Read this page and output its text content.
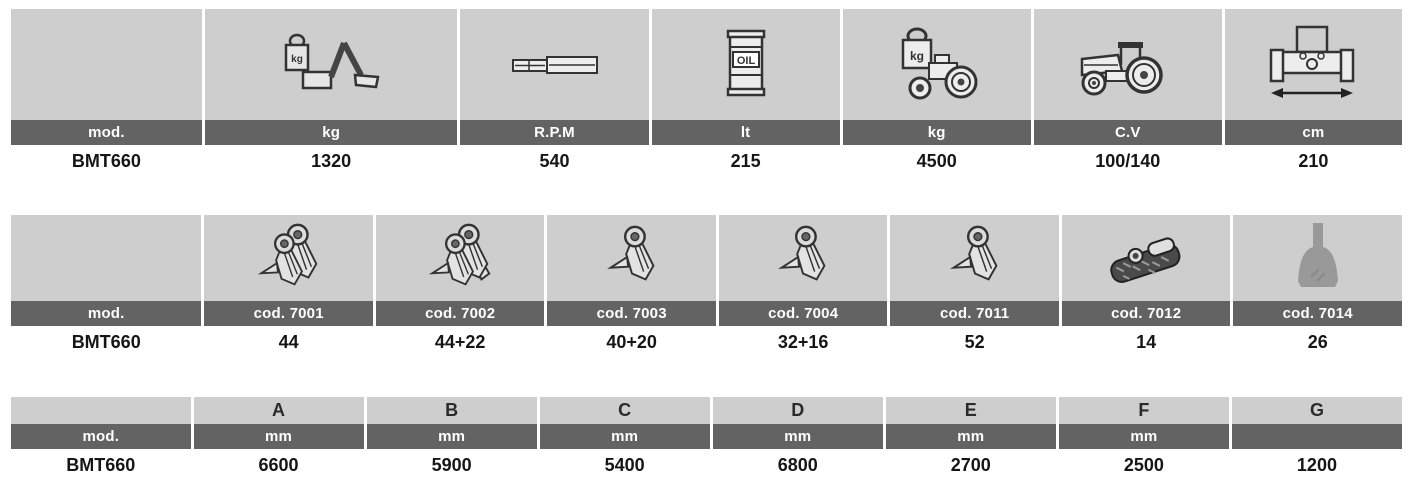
kg		OIL	kg

mod.	kg	R.P.M	lt	kg	C.V	cm
BMT660	1320	540	215	4500	100/140	210

mod.	cod. 7001	cod. 7002	cod. 7003	cod. 7004	cod. 7011	cod. 7012	cod. 7014
BMT660	44	44+22	40+20	32+16	52	14	26
	A	B	C	D	E	F	G
mod.	mm	mm	mm	mm	mm	mm	
BMT660	6600	5900	5400	6800	2700	2500	1200
